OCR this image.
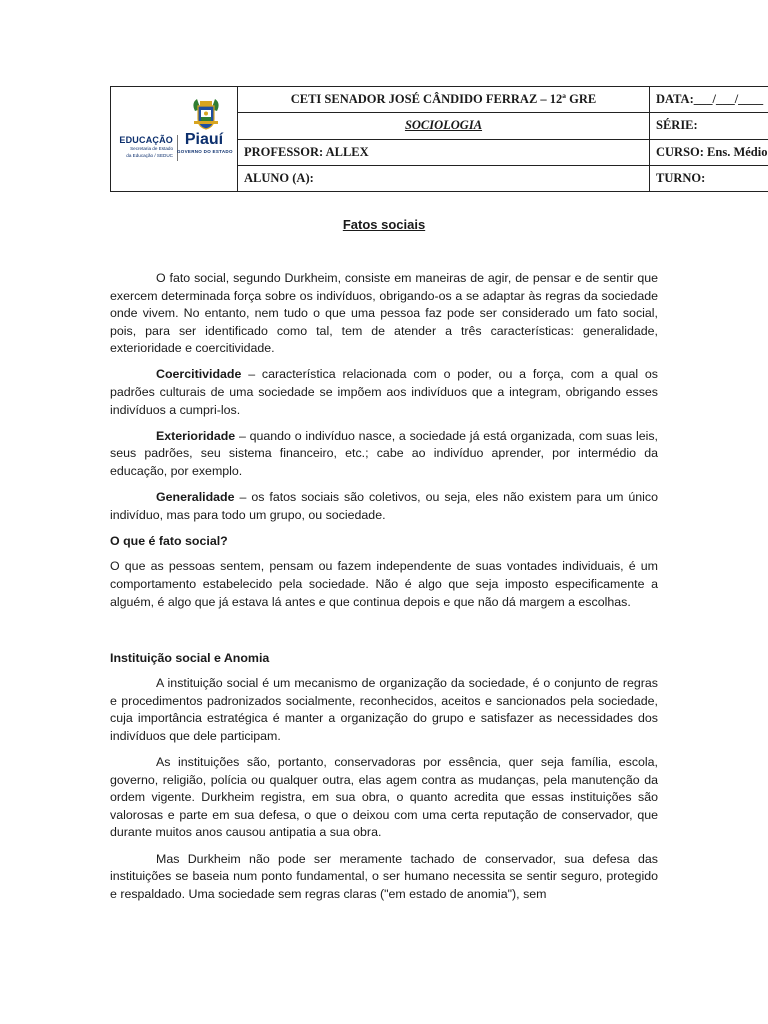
EDUCAÇÃO
Secretaria de Estado
da Educação / SEDUC
Piauí
GOVERNO DO ESTADO	CETI SENADOR JOSÉ CÂNDIDO FERRAZ – 12ª GRE	DATA:___/___/____
	SOCIOLOGIA	SÉRIE:
	PROFESSOR: ALLEX	CURSO: Ens. Médio
	ALUNO (A):	TURNO:
Fatos sociais

O fato social, segundo Durkheim, consiste em maneiras de agir, de pensar e de sentir que exercem determinada força sobre os indivíduos, obrigando-os a se adaptar às regras da sociedade onde vivem. No entanto, nem tudo o que uma pessoa faz pode ser considerado um fato social, pois, para ser identificado como tal, tem de atender a três características: generalidade, exterioridade e coercitividade.

Coercitividade – característica relacionada com o poder, ou a força, com a qual os padrões culturais de uma sociedade se impõem aos indivíduos que a integram, obrigando esses indivíduos a cumpri-los.

Exterioridade – quando o indivíduo nasce, a sociedade já está organizada, com suas leis, seus padrões, seu sistema financeiro, etc.; cabe ao indivíduo aprender, por intermédio da educação, por exemplo.

Generalidade – os fatos sociais são coletivos, ou seja, eles não existem para um único indivíduo, mas para todo um grupo, ou sociedade.

O que é fato social?

O que as pessoas sentem, pensam ou fazem independente de suas vontades individuais, é um comportamento estabelecido pela sociedade. Não é algo que seja imposto especificamente a alguém, é algo que já estava lá antes e que continua depois e que não dá margem a escolhas.

Instituição social e Anomia

A instituição social é um mecanismo de organização da sociedade, é o conjunto de regras e procedimentos padronizados socialmente, reconhecidos, aceitos e sancionados pela sociedade, cuja importância estratégica é manter a organização do grupo e satisfazer as necessidades dos indivíduos que dele participam.

As instituições são, portanto, conservadoras por essência, quer seja família, escola, governo, religião, polícia ou qualquer outra, elas agem contra as mudanças, pela manutenção da ordem vigente. Durkheim registra, em sua obra, o quanto acredita que essas instituições são valorosas e parte em sua defesa, o que o deixou com uma certa reputação de conservador, que durante muitos anos causou antipatia a sua obra.

Mas Durkheim não pode ser meramente tachado de conservador, sua defesa das instituições se baseia num ponto fundamental, o ser humano necessita se sentir seguro, protegido e respaldado. Uma sociedade sem regras claras ("em estado de anomia"), sem
